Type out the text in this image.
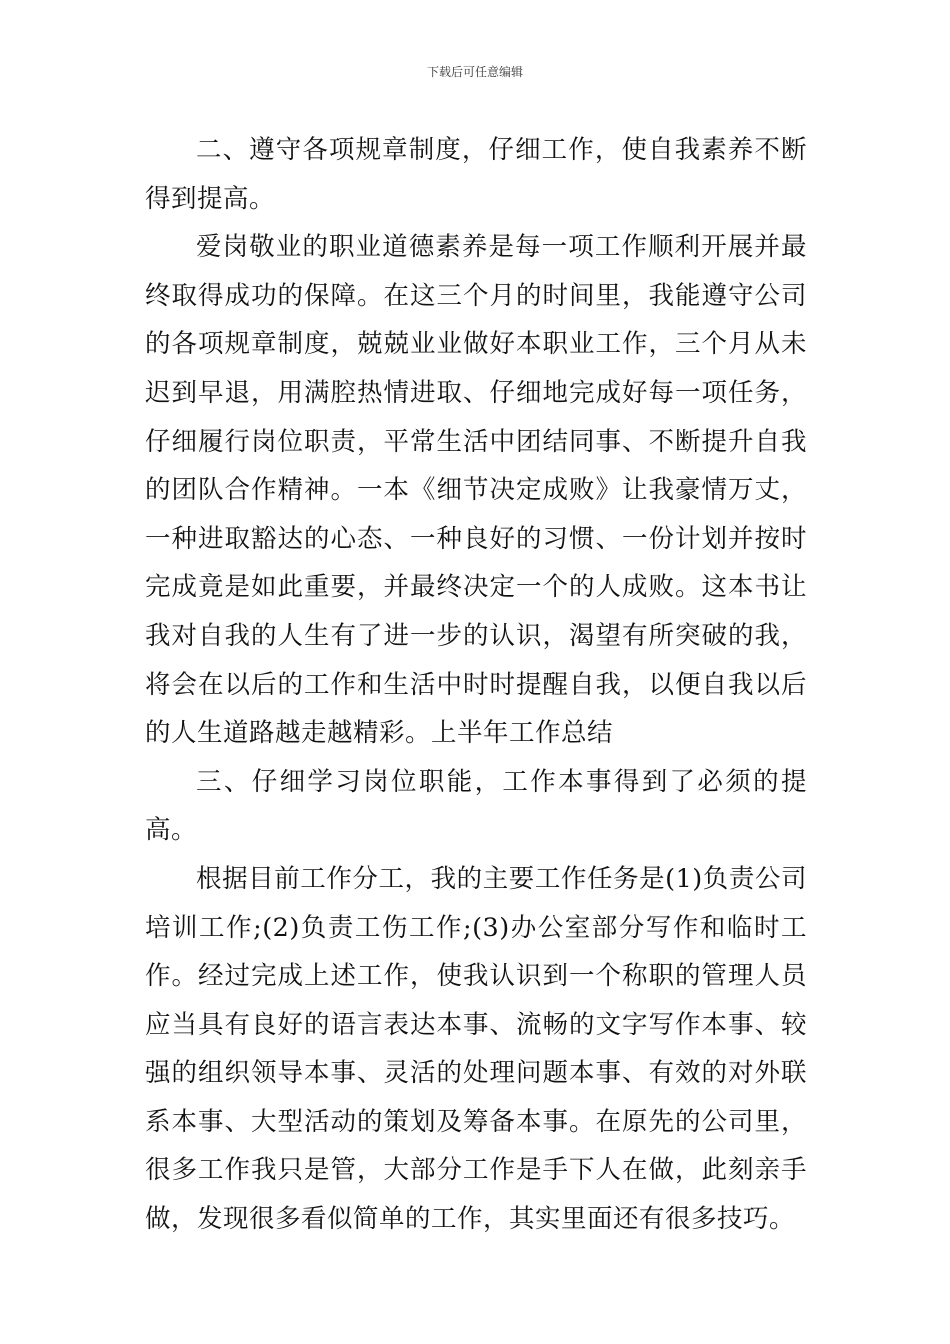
下载后可任意编辑

二、遵守各项规章制度，仔细工作，使自我素养不断得到提高。

爱岗敬业的职业道德素养是每一项工作顺利开展并最终取得成功的保障。在这三个月的时间里，我能遵守公司的各项规章制度，兢兢业业做好本职业工作，三个月从未迟到早退，用满腔热情进取、仔细地完成好每一项任务，仔细履行岗位职责，平常生活中团结同事、不断提升自我的团队合作精神。一本《细节决定成败》让我豪情万丈，一种进取豁达的心态、一种良好的习惯、一份计划并按时完成竟是如此重要，并最终决定一个的人成败。这本书让我对自我的人生有了进一步的认识，渴望有所突破的我，将会在以后的工作和生活中时时提醒自我，以便自我以后的人生道路越走越精彩。上半年工作总结

三、仔细学习岗位职能，工作本事得到了必须的提高。

根据目前工作分工，我的主要工作任务是(1)负责公司培训工作;(2)负责工伤工作;(3)办公室部分写作和临时工作。经过完成上述工作，使我认识到一个称职的管理人员应当具有良好的语言表达本事、流畅的文字写作本事、较强的组织领导本事、灵活的处理问题本事、有效的对外联系本事、大型活动的策划及筹备本事。在原先的公司里，很多工作我只是管，大部分工作是手下人在做，此刻亲手做，发现很多看似简单的工作，其实里面还有很多技巧。
